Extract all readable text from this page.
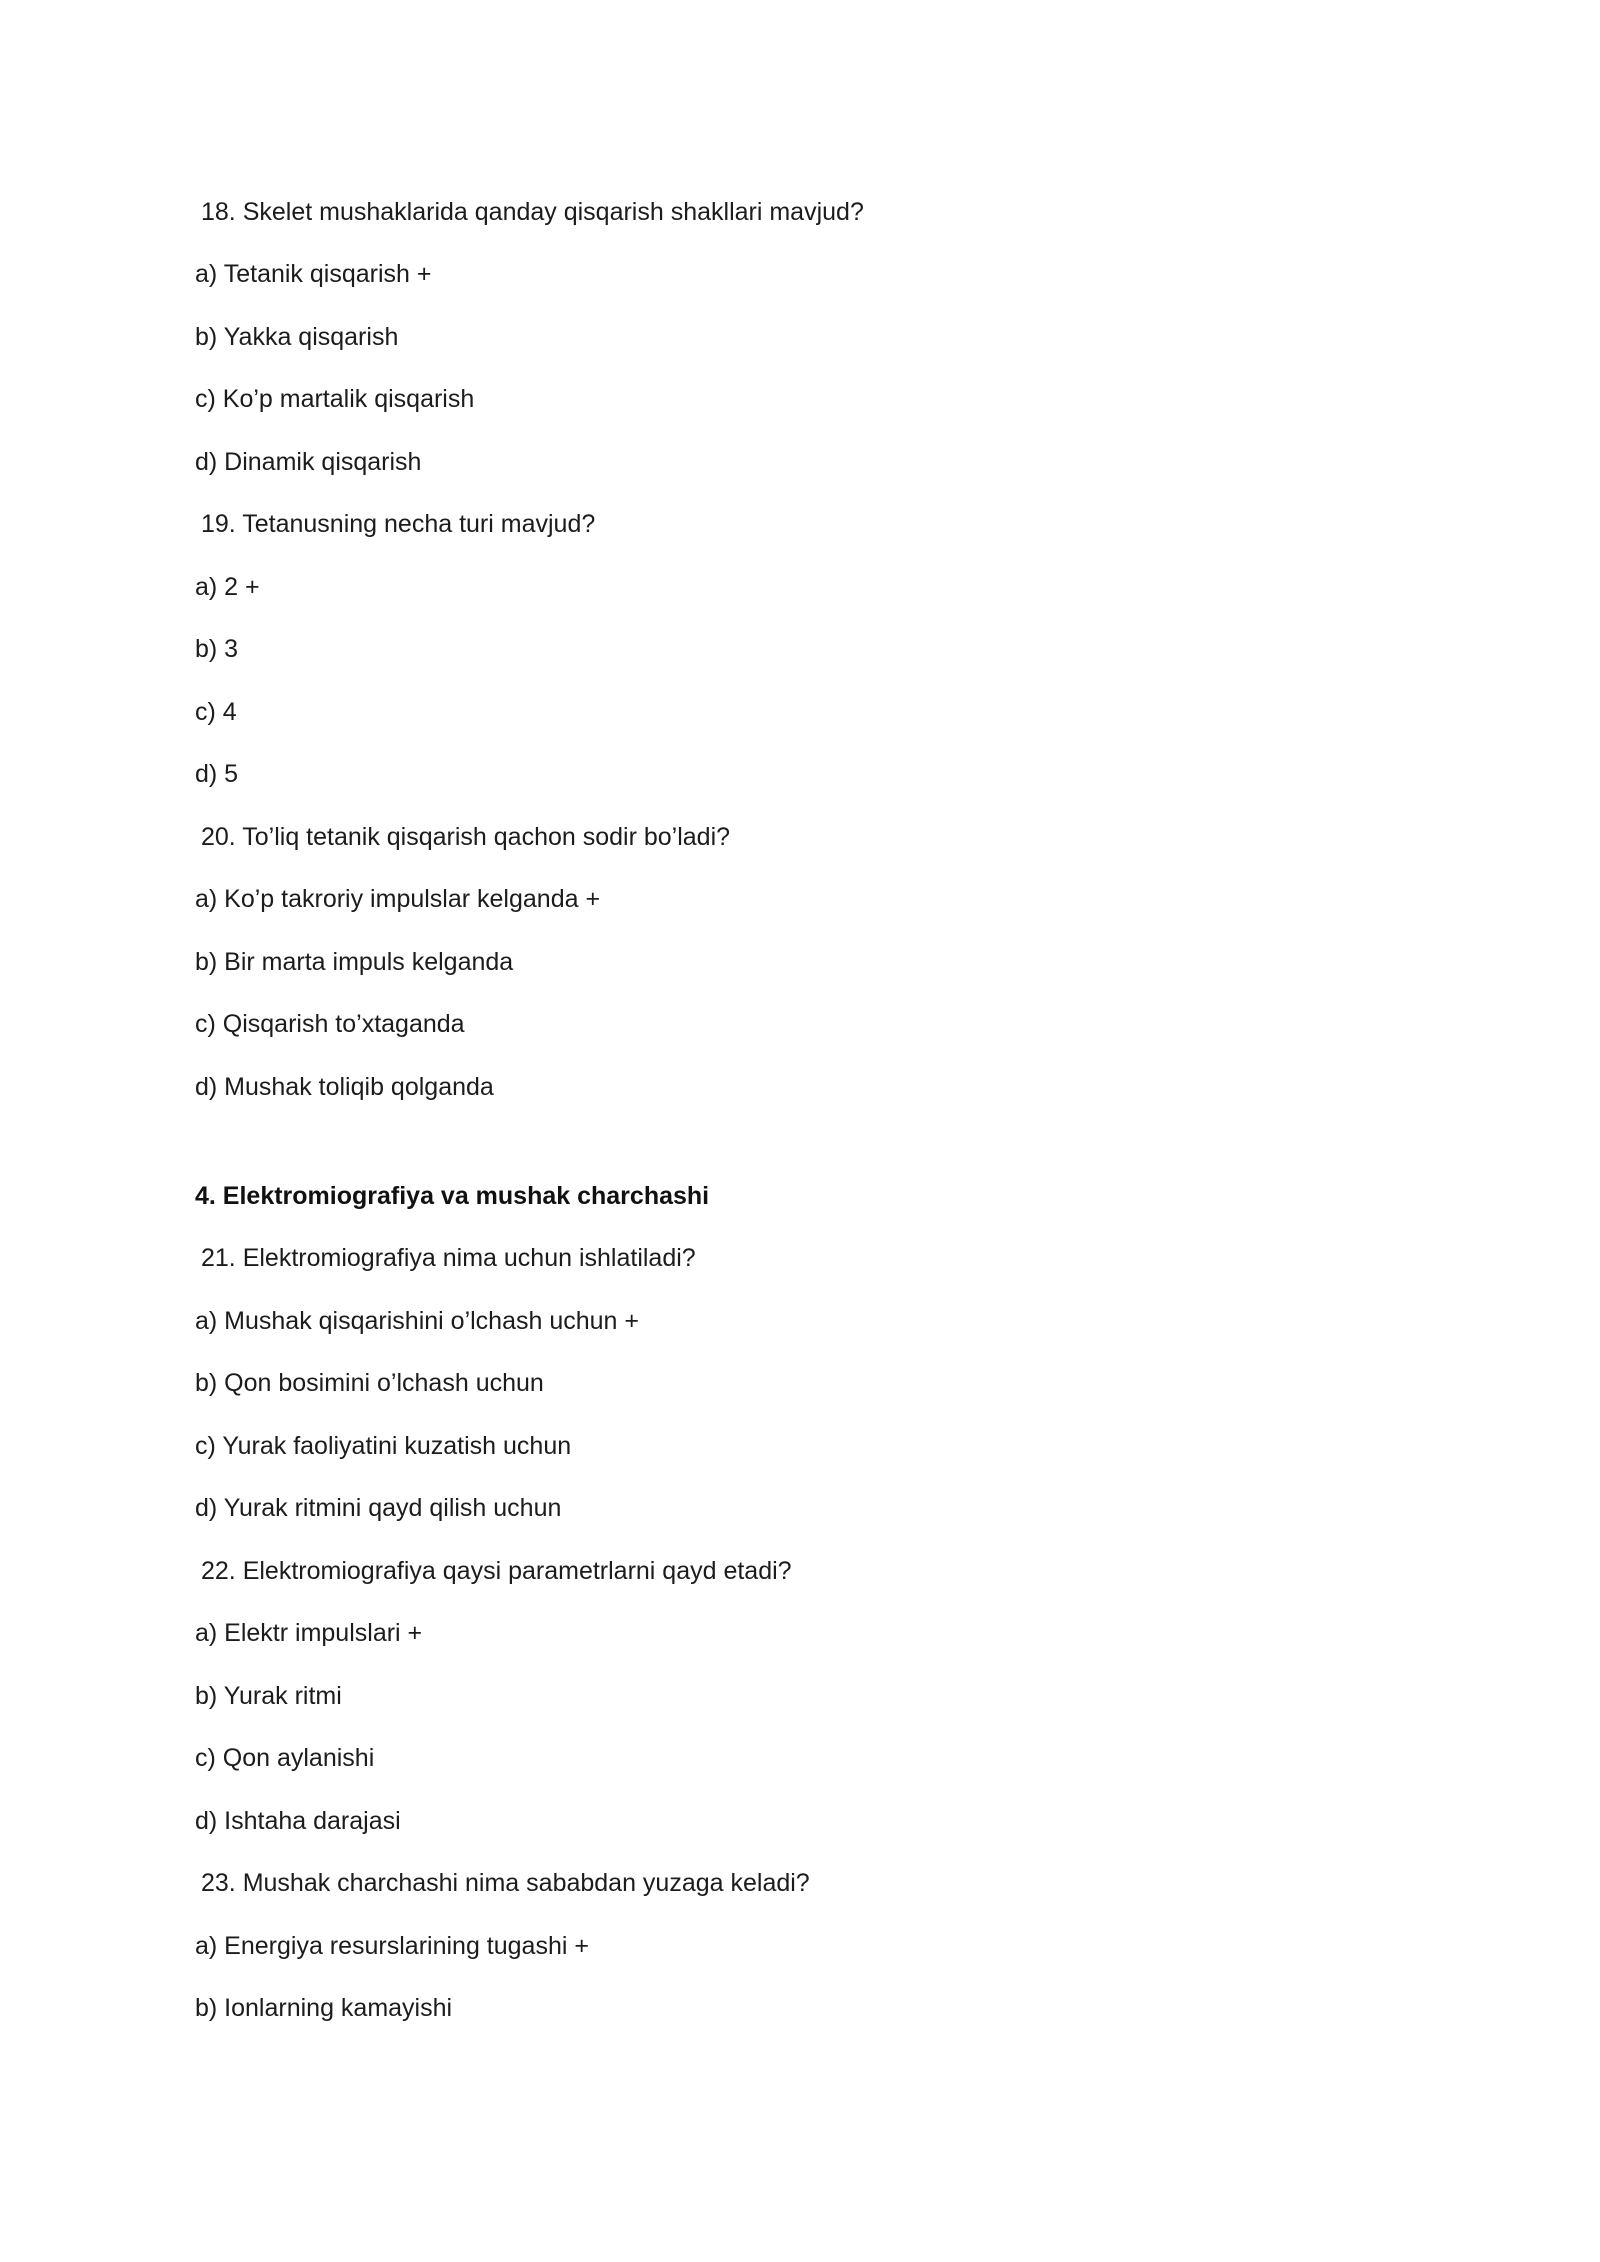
18. Skelet mushaklarida qanday qisqarish shakllari mavjud?
a) Tetanik qisqarish +
b) Yakka qisqarish
c) Ko’p martalik qisqarish
d) Dinamik qisqarish
19. Tetanusning necha turi mavjud?
a) 2 +
b) 3
c) 4
d) 5
20. To’liq tetanik qisqarish qachon sodir bo’ladi?
a) Ko’p takroriy impulslar kelganda +
b) Bir marta impuls kelganda
c) Qisqarish to’xtaganda
d) Mushak toliqib qolganda
4. Elektromiografiya va mushak charchashi
21. Elektromiografiya nima uchun ishlatiladi?
a) Mushak qisqarishini o’lchash uchun +
b) Qon bosimini o’lchash uchun
c) Yurak faoliyatini kuzatish uchun
d) Yurak ritmini qayd qilish uchun
22. Elektromiografiya qaysi parametrlarni qayd etadi?
a) Elektr impulslari +
b) Yurak ritmi
c) Qon aylanishi
d) Ishtaha darajasi
23. Mushak charchashi nima sababdan yuzaga keladi?
a) Energiya resurslarining tugashi +
b) Ionlarning kamayishi
